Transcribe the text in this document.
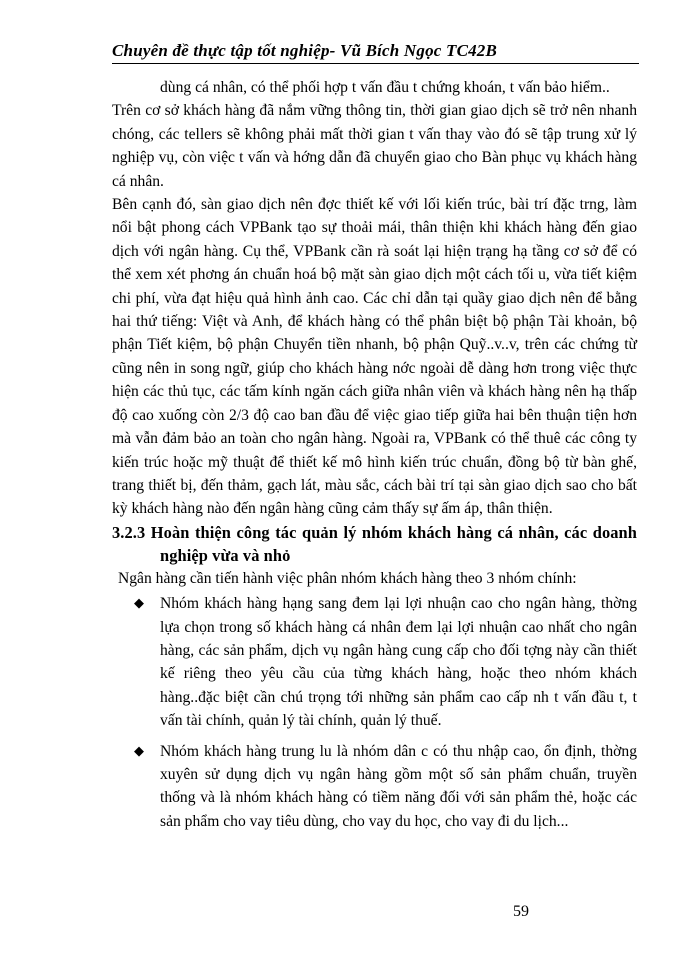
Chuyên đề thực tập tốt nghiệp- Vũ Bích Ngọc TC42B

dùng cá nhân, có thể phối hợp t vấn đầu t chứng khoán, t vấn bảo hiểm..

Trên cơ sở khách hàng đã nắm vững thông tin, thời gian giao dịch sẽ trở nên nhanh chóng, các tellers sẽ không phải mất thời gian t vấn thay vào đó sẽ tập trung xử lý nghiệp vụ, còn việc t vấn và hớng dẫn đã chuyển giao cho Bàn phục vụ khách hàng cá nhân.

Bên cạnh đó, sàn giao dịch nên đợc thiết kế với lối kiến trúc, bài trí đặc trng, làm nổi bật phong cách VPBank tạo sự thoải mái, thân thiện khi khách hàng đến giao dịch với ngân hàng. Cụ thể, VPBank cần rà soát lại hiện trạng hạ tầng cơ sở để có thể xem xét phơng án chuẩn hoá bộ mặt sàn giao dịch một cách tối u, vừa tiết kiệm chi phí, vừa đạt hiệu quả hình ảnh cao. Các chỉ dẫn tại quầy giao dịch nên để bằng hai thứ tiếng: Việt và Anh, để khách hàng có thể phân biệt bộ phận Tài khoản, bộ phận Tiết kiệm, bộ phận Chuyển tiền nhanh, bộ phận Quỹ..v..v, trên các chứng từ cũng nên in song ngữ, giúp cho khách hàng nớc ngoài dễ dàng hơn trong việc thực hiện các thủ tục, các tấm kính ngăn cách giữa nhân viên và khách hàng nên hạ thấp độ cao xuống còn 2/3 độ cao ban đầu để việc giao tiếp giữa hai bên thuận tiện hơn mà vẫn đảm bảo an toàn cho ngân hàng. Ngoài ra, VPBank có thể thuê các công ty kiến trúc hoặc mỹ thuật để thiết kế mô hình kiến trúc chuẩn, đồng bộ từ bàn ghế, trang thiết bị, đến thảm, gạch lát, màu sắc, cách bài trí tại sàn giao dịch sao cho bất kỳ khách hàng nào đến ngân hàng cũng cảm thấy sự ấm áp, thân thiện.

3.2.3 Hoàn thiện công tác quản lý nhóm khách hàng cá nhân, các doanh nghiệp vừa và nhỏ

Ngân hàng cần tiến hành việc phân nhóm khách hàng theo 3 nhóm chính:

◆ Nhóm khách hàng hạng sang đem lại lợi nhuận cao cho ngân hàng, thờng lựa chọn trong số khách hàng cá nhân đem lại lợi nhuận cao nhất cho ngân hàng, các sản phẩm, dịch vụ ngân hàng cung cấp cho đối tợng này cần thiết kế riêng theo yêu cầu của từng khách hàng, hoặc theo nhóm khách hàng..đặc biệt cần chú trọng tới những sản phẩm cao cấp nh t vấn đầu t, t vấn tài chính, quản lý tài chính, quản lý thuế.
◆ Nhóm khách hàng trung lu là nhóm dân c có thu nhập cao, ổn định, thờng xuyên sử dụng dịch vụ ngân hàng gồm một số sản phẩm chuẩn, truyền thống và là nhóm khách hàng có tiềm năng đối với sản phẩm thẻ, hoặc các sản phẩm cho vay tiêu dùng, cho vay du học, cho vay đi du lịch...
59
